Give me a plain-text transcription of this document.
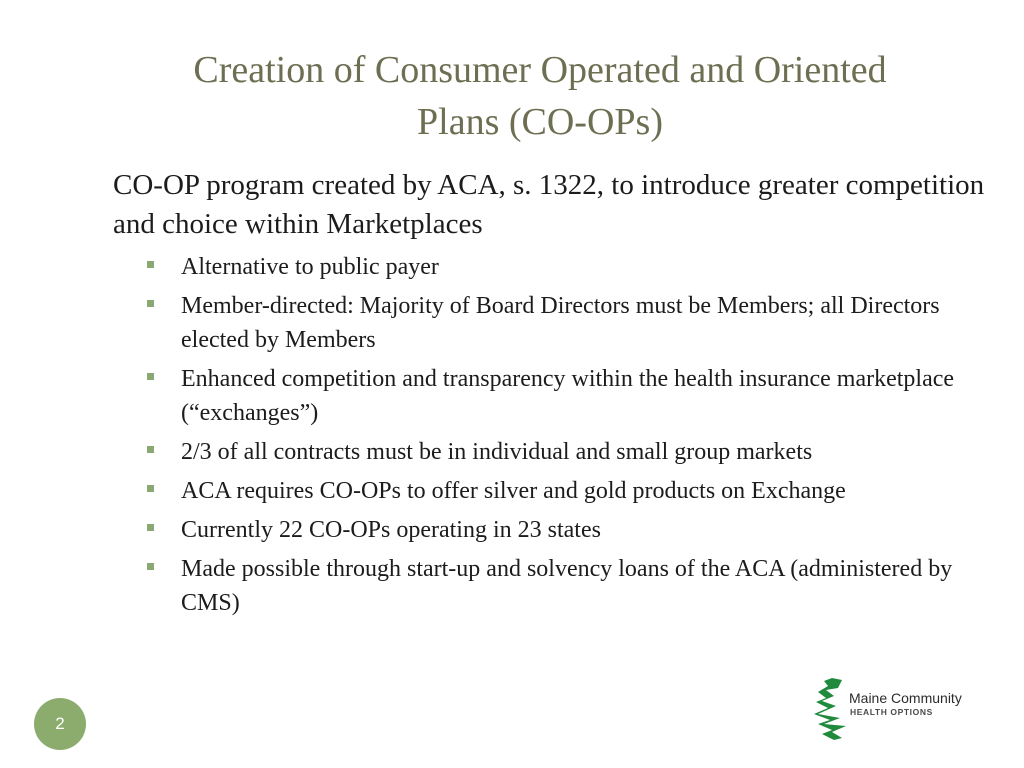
Creation of Consumer Operated and Oriented
Plans (CO-OPs)

CO-OP program created by ACA, s. 1322, to introduce greater competition and choice within Marketplaces

Alternative to public payer
Member-directed: Majority of Board Directors must be Members; all Directors elected by Members
Enhanced competition and transparency within the health insurance marketplace (“exchanges”)
2/3 of all contracts must be in individual and small group markets
ACA requires CO-OPs to offer silver and gold products on Exchange
Currently 22 CO-OPs operating in 23 states
Made possible through start-up and solvency loans of the ACA (administered by CMS)
2
Maine Community
HEALTH OPTIONS
